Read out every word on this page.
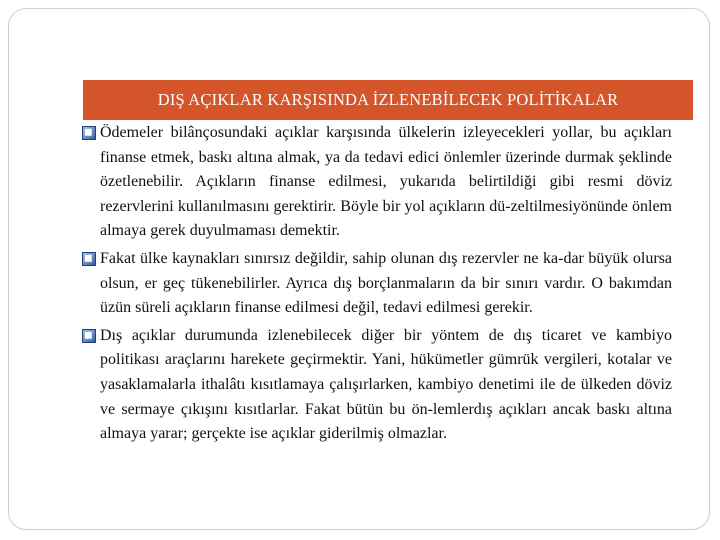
DIŞ AÇIKLAR KARŞISINDA İZLENEBİLECEK POLİTİKALAR
Ödemeler bilânçosundaki açıklar karşısında ülkelerin izleyecekleri yollar, bu açıkları finanse etmek, baskı altına almak, ya da tedavi edici önlemler üzerinde durmak şeklinde özetlenebilir. Açıkların finanse edilmesi, yukarıda belirtildiği gibi resmi döviz rezervlerini kullanılmasını gerektirir. Böyle bir yol açıkların dü-zeltilmesiyönünde önlem almaya gerek duyulmaması demektir.
Fakat ülke kaynakları sınırsız değildir, sahip olunan dış rezervler ne ka-dar büyük olursa olsun, er geç tükenebilirler. Ayrıca dış borçlanmaların da bir sınırı vardır. O bakımdan üzün süreli açıkların finanse edilmesi değil, tedavi edilmesi gerekir.
Dış açıklar durumunda izlenebilecek diğer bir yöntem de dış ticaret ve kambiyo politikası araçlarını harekete geçirmektir. Yani, hükümetler gümrük vergileri, kotalar ve yasaklamalarla ithalâtı kısıtlamaya çalışırlarken, kambiyo denetimi ile de ülkeden döviz ve sermaye çıkışını kısıtlarlar. Fakat bütün bu ön-lemlerdış açıkları ancak baskı altına almaya yarar; gerçekte ise açıklar giderilmiş olmazlar.
